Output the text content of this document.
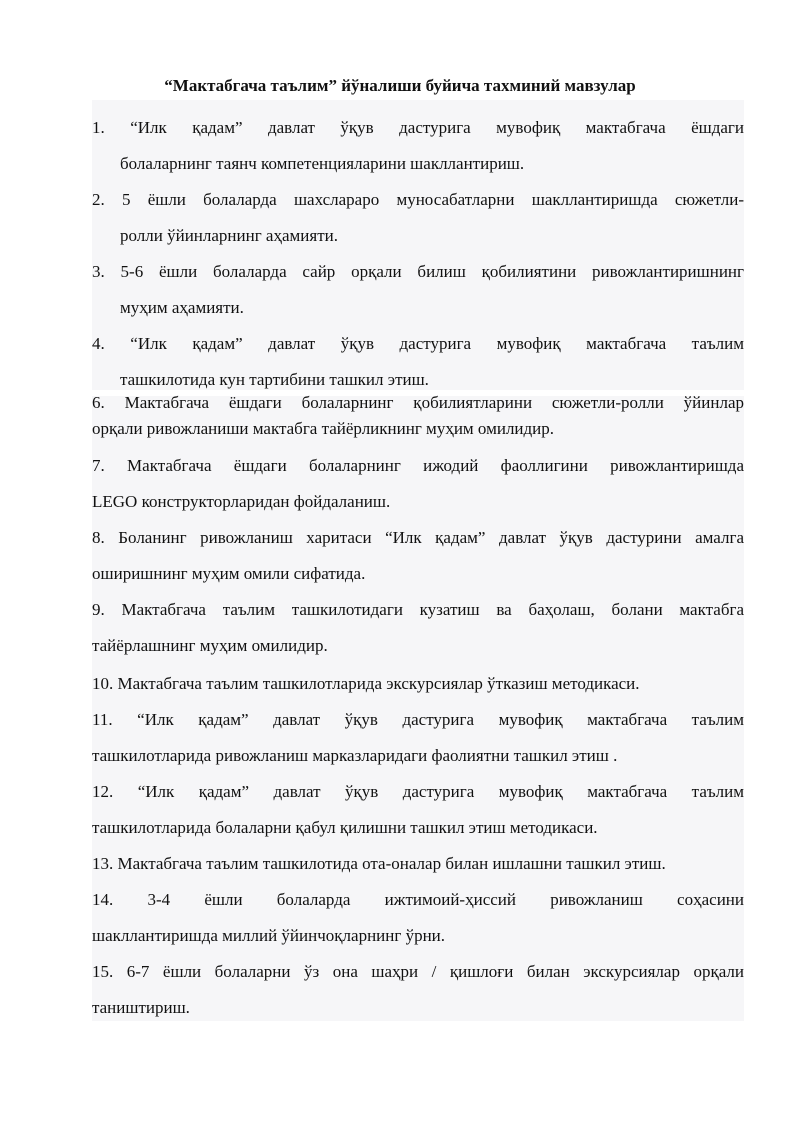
“Мактабгача таълим” йўналиши буйича тахминий мавзулар
1. “Илк қадам” давлат ўқув дастурига мувофиқ мактабгача ёшдаги
болаларнинг таянч компетенцияларини шакллантириш.
2. 5 ёшли болаларда шахслараро муносабатларни шакллантиришда сюжетли-
ролли ўйинларнинг аҳамияти.
3. 5-6 ёшли болаларда сайр орқали билиш қобилиятини ривожлантиришнинг
муҳим аҳамияти.
4. “Илк қадам” давлат ўқув дастурига мувофиқ мактабгача таълим
ташкилотида кун тартибини ташкил этиш.
6. Мактабгача ёшдаги болаларнинг қобилиятларини сюжетли-ролли ўйинлар
орқали ривожланиши мактабга тайёрликнинг муҳим омилидир.
7. Мактабгача ёшдаги болаларнинг ижодий фаоллигини ривожлантиришда
LEGO конструкторларидан фойдаланиш.
8. Боланинг ривожланиш харитаси “Илк қадам” давлат ўқув дастурини амалга
оширишнинг муҳим омили сифатида.
9. Мактабгача таълим ташкилотидаги кузатиш ва баҳолаш, болани мактабга
тайёрлашнинг муҳим омилидир.
10. Мактабгача таълим ташкилотларида экскурсиялар ўтказиш методикаси.
11. “Илк қадам” давлат ўқув дастурига мувофиқ мактабгача таълим
ташкилотларида ривожланиш марказларидаги фаолиятни ташкил этиш .
12. “Илк қадам” давлат ўқув дастурига мувофиқ мактабгача таълим
ташкилотларида болаларни қабул қилишни ташкил этиш методикаси.
13. Мактабгача таълим ташкилотида ота-оналар билан ишлашни ташкил этиш.
14. 3-4 ёшли болаларда ижтимоий-ҳиссий ривожланиш соҳасини
шакллантиришда миллий ўйинчоқларнинг ўрни.
15. 6-7 ёшли болаларни ўз она шаҳри / қишлоғи билан экскурсиялар орқали
таништириш.
